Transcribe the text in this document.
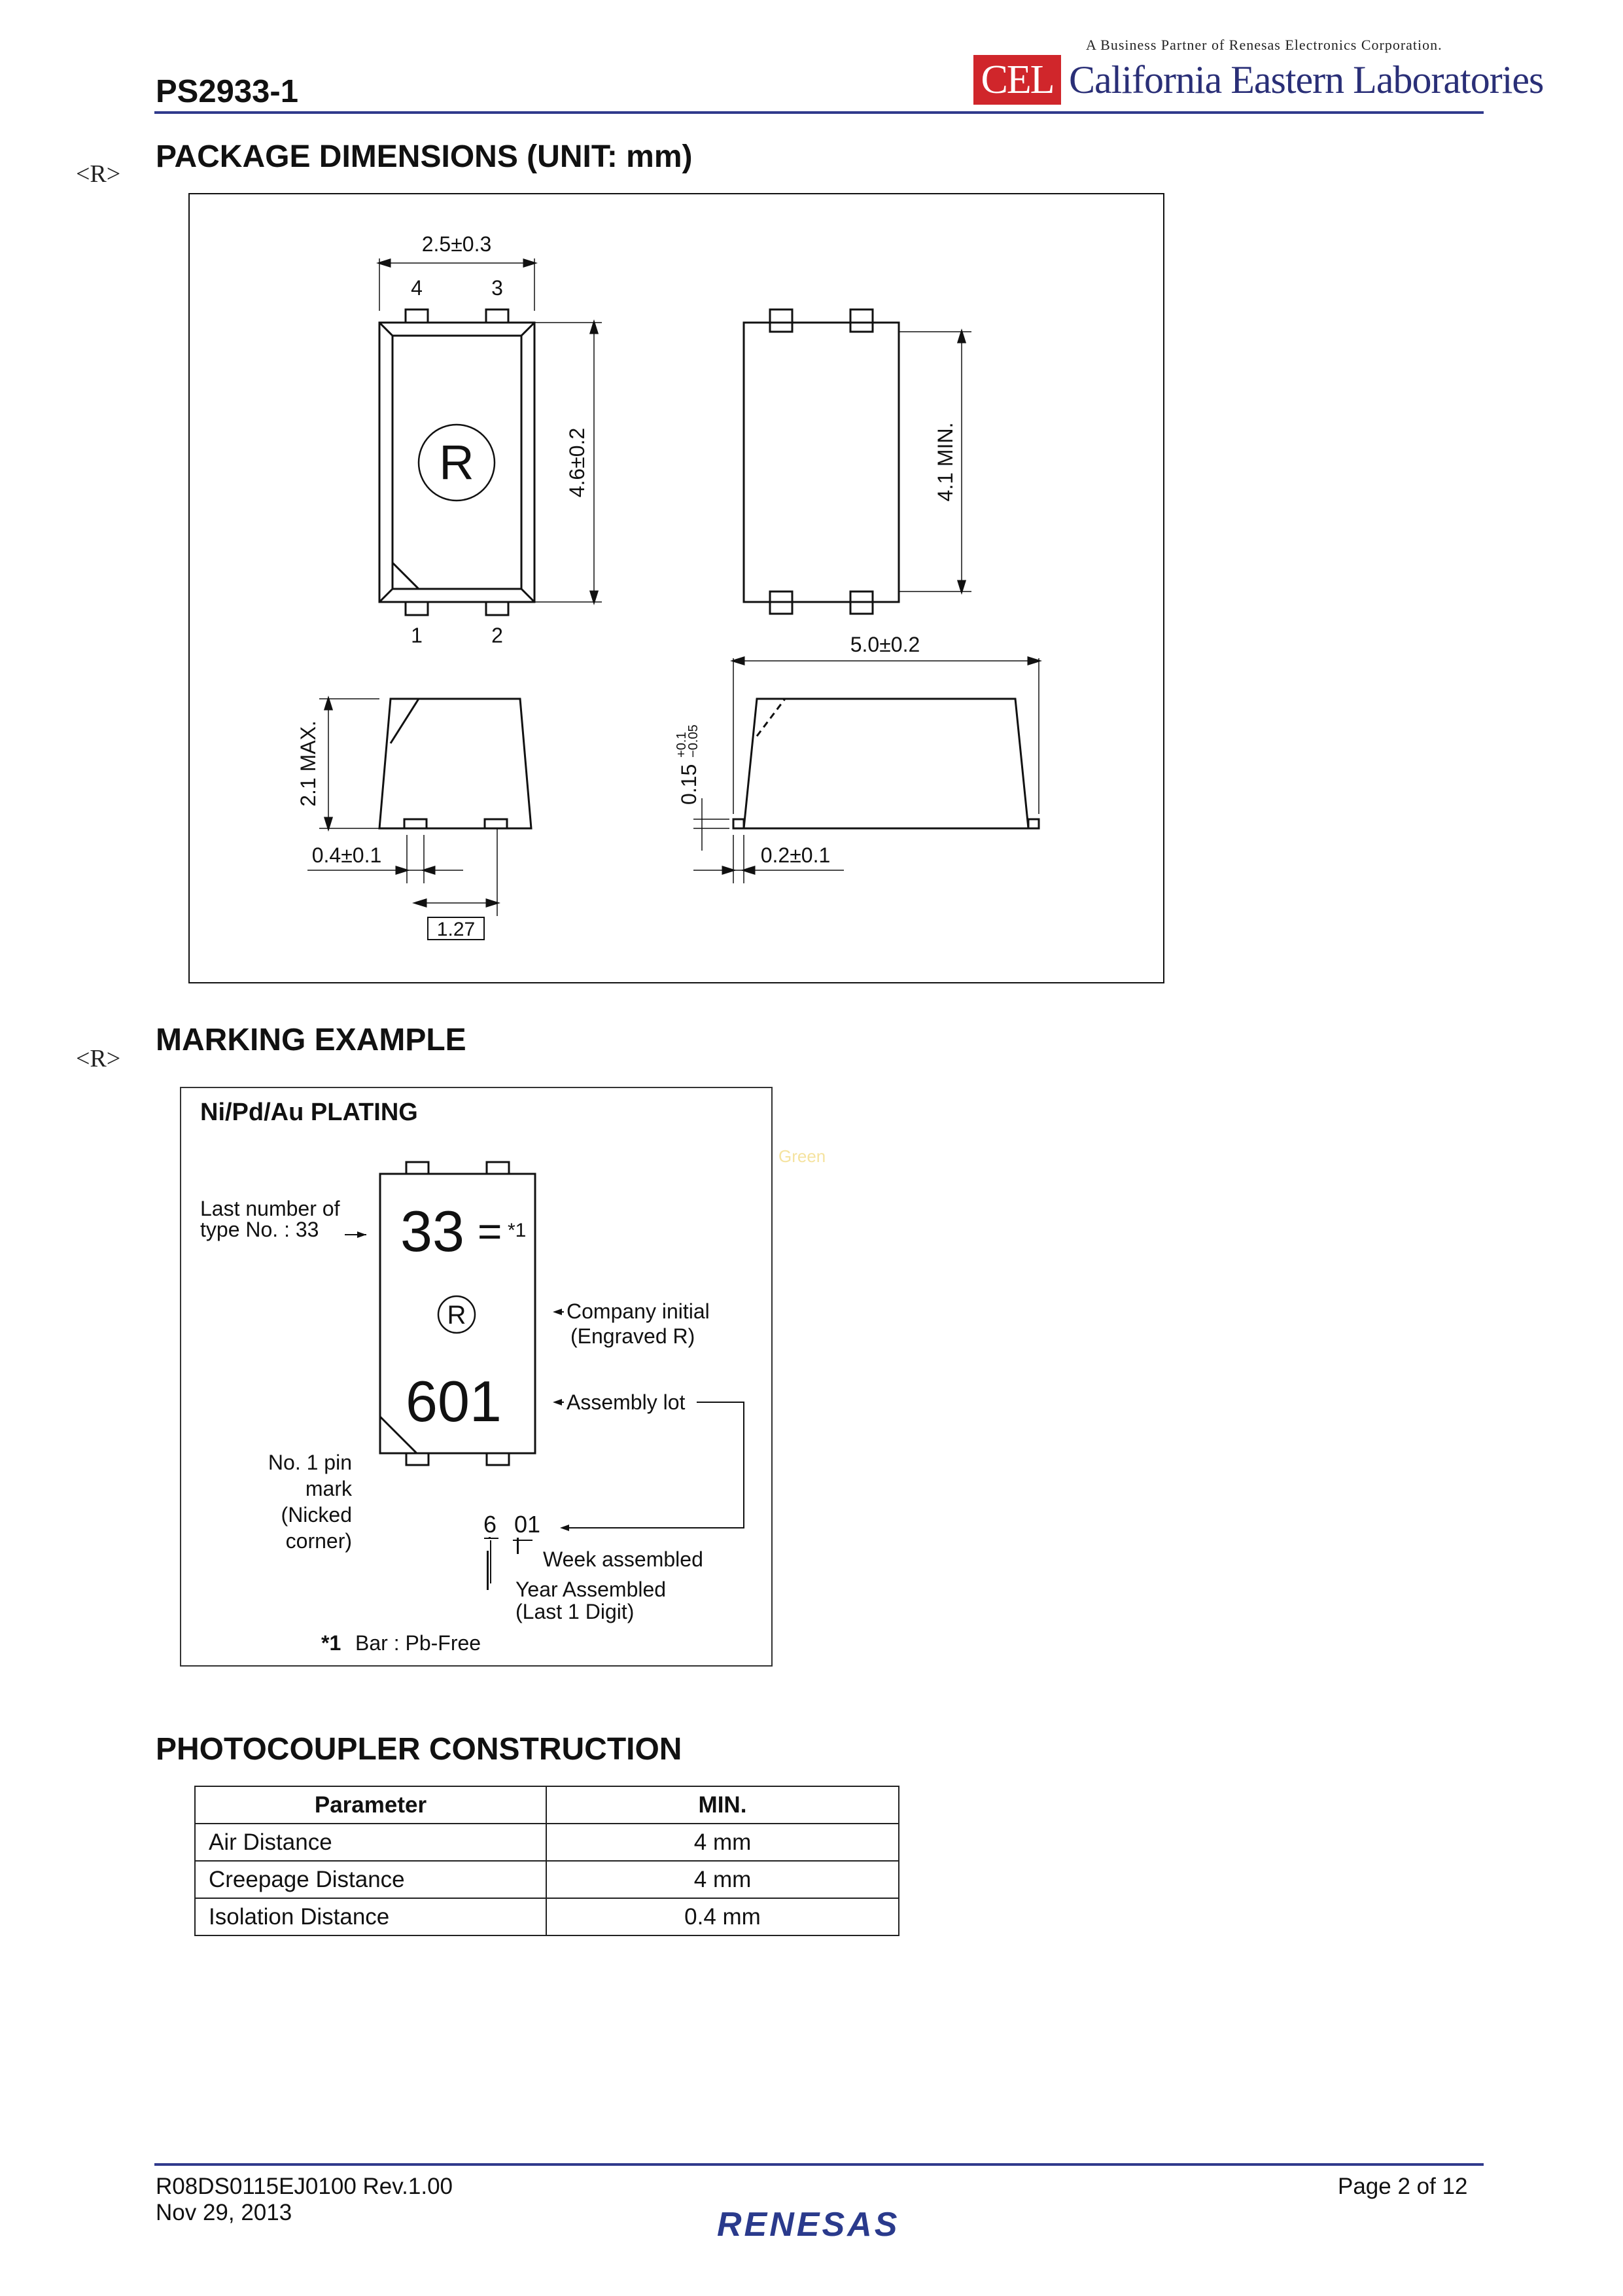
PS2933-1
A Business Partner of Renesas Electronics Corporation.
CEL California Eastern Laboratories
<R> PACKAGE DIMENSIONS (UNIT: mm)
2.5±0.3
4	3
1	2
R	4.6±0.2	4.1 MIN.
2.1 MAX.
0.4±0.1
1.27
5.0±0.2
0.15
+0.1
−0.05
0.2±0.1
<R>
MARKING EXAMPLE
Ni/Pd/Au PLATING
Green
Last number of
type No. : 33 33 = *1
R	Company initial
(Engraved R)
601	Assembly lot
No. 1 pin
mark
(Nicked
corner)
6 01
Week assembled
Year Assembled
(Last 1 Digit)
*1 Bar : Pb-Free
PHOTOCOUPLER CONSTRUCTION
Parameter	MIN.
Air Distance	4 mm
Creepage Distance	4 mm
Isolation Distance	0.4 mm
R08DS0115EJ0100 Rev.1.00
Nov 29, 2013
Page 2 of 12
RENESAS
